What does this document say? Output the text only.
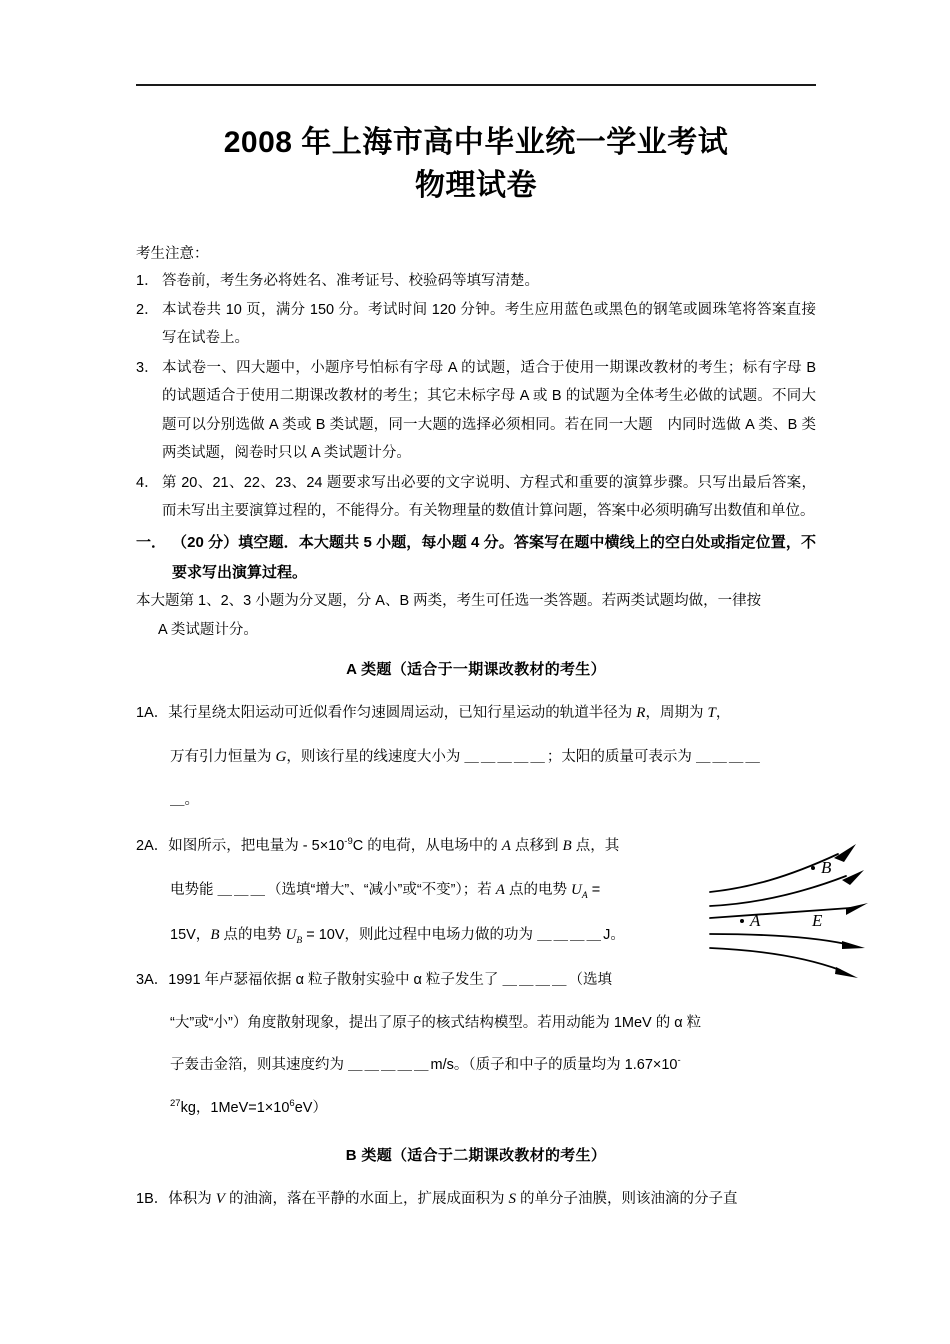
2008 年上海市高中毕业统一学业考试
物理试卷
考生注意：
1． 答卷前，考生务必将姓名、准考证号、校验码等填写清楚。
2． 本试卷共 10 页，满分 150 分。考试时间 120 分钟。考生应用蓝色或黑色的钢笔或圆珠笔将答案直接写在试卷上。
3． 本试卷一、四大题中，小题序号怕标有字母 A 的试题，适合于使用一期课改教材的考生；标有字母 B 的试题适合于使用二期课改教材的考生；其它未标字母 A 或 B 的试题为全体考生必做的试题。不同大题可以分别选做 A 类或 B 类试题，同一大题的选择必须相同。若在同一大题　内同时选做 A 类、B 类两类试题，阅卷时只以 A 类试题计分。
4． 第 20、21、22、23、24 题要求写出必要的文字说明、方程式和重要的演算步骤。只写出最后答案，而未写出主要演算过程的，不能得分。有关物理量的数值计算问题，答案中必须明确写出数值和单位。
一． （20 分）填空题．本大题共 5 小题，每小题 4 分。答案写在题中横线上的空白处或指定位置，不要求写出演算过程。
本大题第 1、2、3 小题为分叉题，分 A、B 两类，考生可任选一类答题。若两类试题均做，一律按
A 类试题计分。
A 类题（适合于一期课改教材的考生）
1A．某行星绕太阳运动可近似看作匀速圆周运动，已知行星运动的轨道半径为 R，周期为 T，
万有引力恒量为 G，则该行星的线速度大小为 ＿＿＿＿＿；太阳的质量可表示为 ＿＿＿＿
＿。
2A．如图所示，把电量为 - $5\times 10^{-9}C$ 的电荷，从电场中的 A 点移到 B 点，其
电势能 ＿＿＿（选填“增大”、“减小”或“不变”）；若 A 点的电势 $U_A$ =
15V，B 点的电势 $U_B = 10V$，则此过程中电场力做的功为 ＿＿＿＿J。
3A．1991 年卢瑟福依据 α 粒子散射实验中 α 粒子发生了 ＿＿＿＿（选填
“大”或“小”）角度散射现象，提出了原子的核式结构模型。若用动能为 1MeV 的 α 粒
子轰击金箔，则其速度约为 ＿＿＿＿＿m/s。（质子和中子的质量均为 1.67×10-
$^{27}$kg，$1MeV=1\times 10^6eV$）
B 类题（适合于二期课改教材的考生）
1B．体积为 V 的油滴，落在平静的水面上，扩展成面积为 S 的单分子油膜，则该油滴的分子直
B
A	E
